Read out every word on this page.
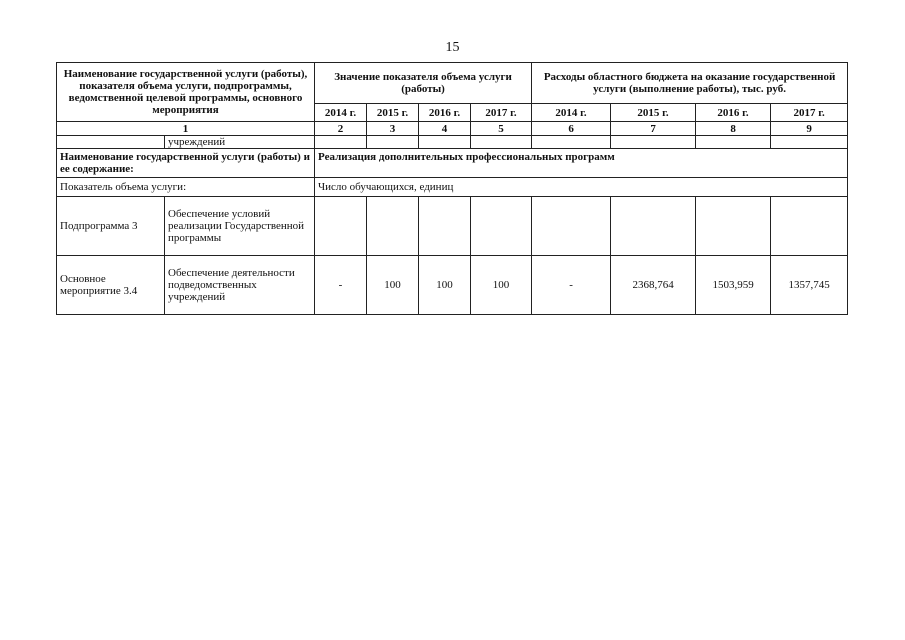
15
Наименование государственной услуги (работы), показателя объема услуги, подпрограммы, ведомственной целевой программы, основного мероприятия		Значение показателя объема услуги (работы)				Расходы областного бюджета на оказание государственной услуги (выполнение работы), тыс. руб.			
		2014 г.	2015 г.	2016 г.	2017 г.	2014 г.	2015 г.	2016 г.	2017 г.
1		2	3	4	5	6	7	8	9
	учреждений								
Наименование государственной услуги (работы) и ее содержание:		Реализация дополнительных профессиональных программ							
Показатель объема услуги:		Число обучающихся, единиц							
Подпрограмма 3	Обеспечение условий реализации Государственной программы								
Основное мероприятие 3.4	Обеспечение деятельности подведомственных учреждений	-	100	100	100	-	2368,764	1503,959	1357,745
